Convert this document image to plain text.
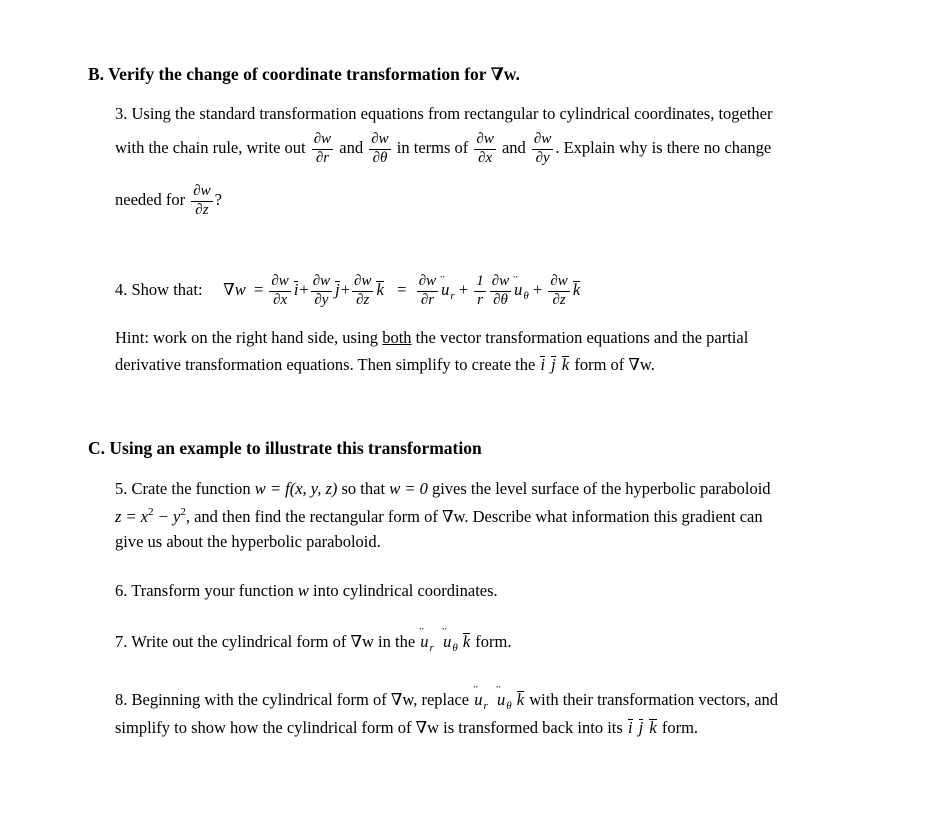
B. Verify the change of coordinate transformation for ∇w.
3. Using the standard transformation equations from rectangular to cylindrical coordinates, together
with the chain rule, write out $\frac{\partial w}{\partial r}$ and $\frac{\partial w}{\partial\theta}$ in terms of $\frac{\partial w}{\partial x}$ and $\frac{\partial w}{\partial y}$ . Explain why is there no change
needed for $\frac{\partial w}{\partial z}$ ?
4. Show that: $\nabla w = \frac{\partial w}{\partial x} i+ \frac{\partial w}{\partial y} j+ \frac{\partial w}{\partial z}$ $k = \frac{\partial w}{\partial r}$ ¨ $u_r + \frac{1}{r} \frac{\partial w}{\partial\theta}$ ¨ $u_\theta + \frac{\partial w}{\partial z}$ k
Hint: work on the right hand side, using both the vector transformation equations and the partial
derivative transformation equations. Then simplify to create the i j k form of ∇w.
C. Using an example to illustrate this transformation
5. Crate the function w = f(x, y, z) so that w = 0 gives the level surface of the hyperbolic paraboloid
$z = x^2 - y^2$, and then find the rectangular form of ∇w. Describe what information this gradient can
give us about the hyperbolic paraboloid.
6. Transform your function w into cylindrical coordinates.
7. Write out the cylindrical form of ∇w in the ¨ $u_r$ ¨ $u_\theta$ k form.
8. Beginning with the cylindrical form of ∇w, replace ¨ $u_r$ ¨ $u_\theta$ k with their transformation vectors, and
simplify to show how the cylindrical form of ∇w is transformed back into its i j k form.
